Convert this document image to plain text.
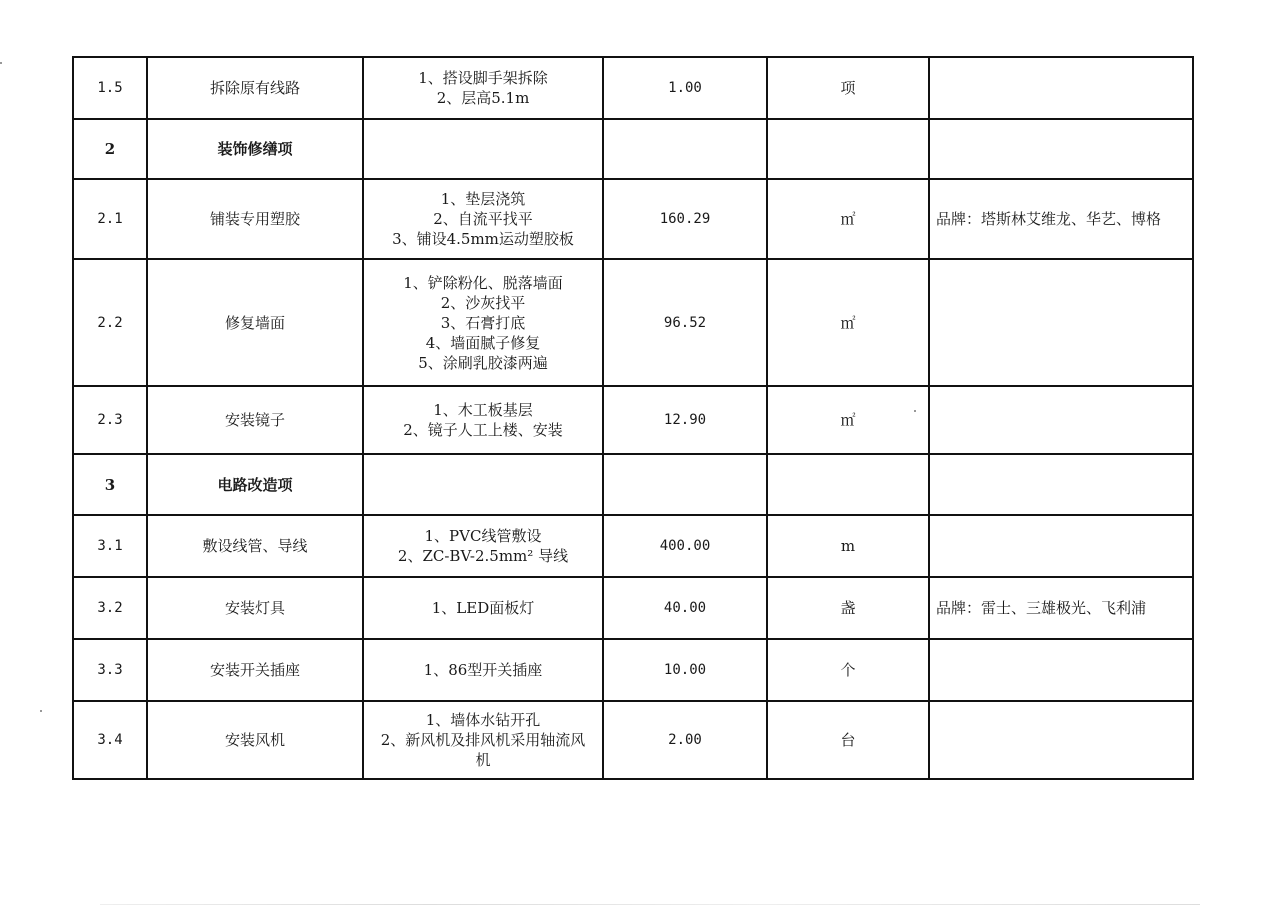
1.5	拆除原有线路	1、搭设脚手架拆除
2、层高5.1m	1.00	项	
2	装饰修缮项				
2.1	铺装专用塑胶	1、垫层浇筑
2、自流平找平
3、铺设4.5mm运动塑胶板	160.29	㎡	品牌：塔斯林艾维龙、华艺、博格
2.2	修复墙面	1、铲除粉化、脱落墙面
2、沙灰找平
3、石膏打底
4、墙面腻子修复
5、涂刷乳胶漆两遍	96.52	㎡	
2.3	安装镜子	1、木工板基层
2、镜子人工上楼、安装	12.90	㎡	
3	电路改造项				
3.1	敷设线管、导线	1、PVC线管敷设
2、ZC-BV-2.5mm² 导线	400.00	m	
3.2	安装灯具	1、LED面板灯	40.00	盏	品牌：雷士、三雄极光、飞利浦
3.3	安装开关插座	1、86型开关插座	10.00	个	
3.4	安装风机	1、墙体水钻开孔
2、新风机及排风机采用轴流风
机	2.00	台	
